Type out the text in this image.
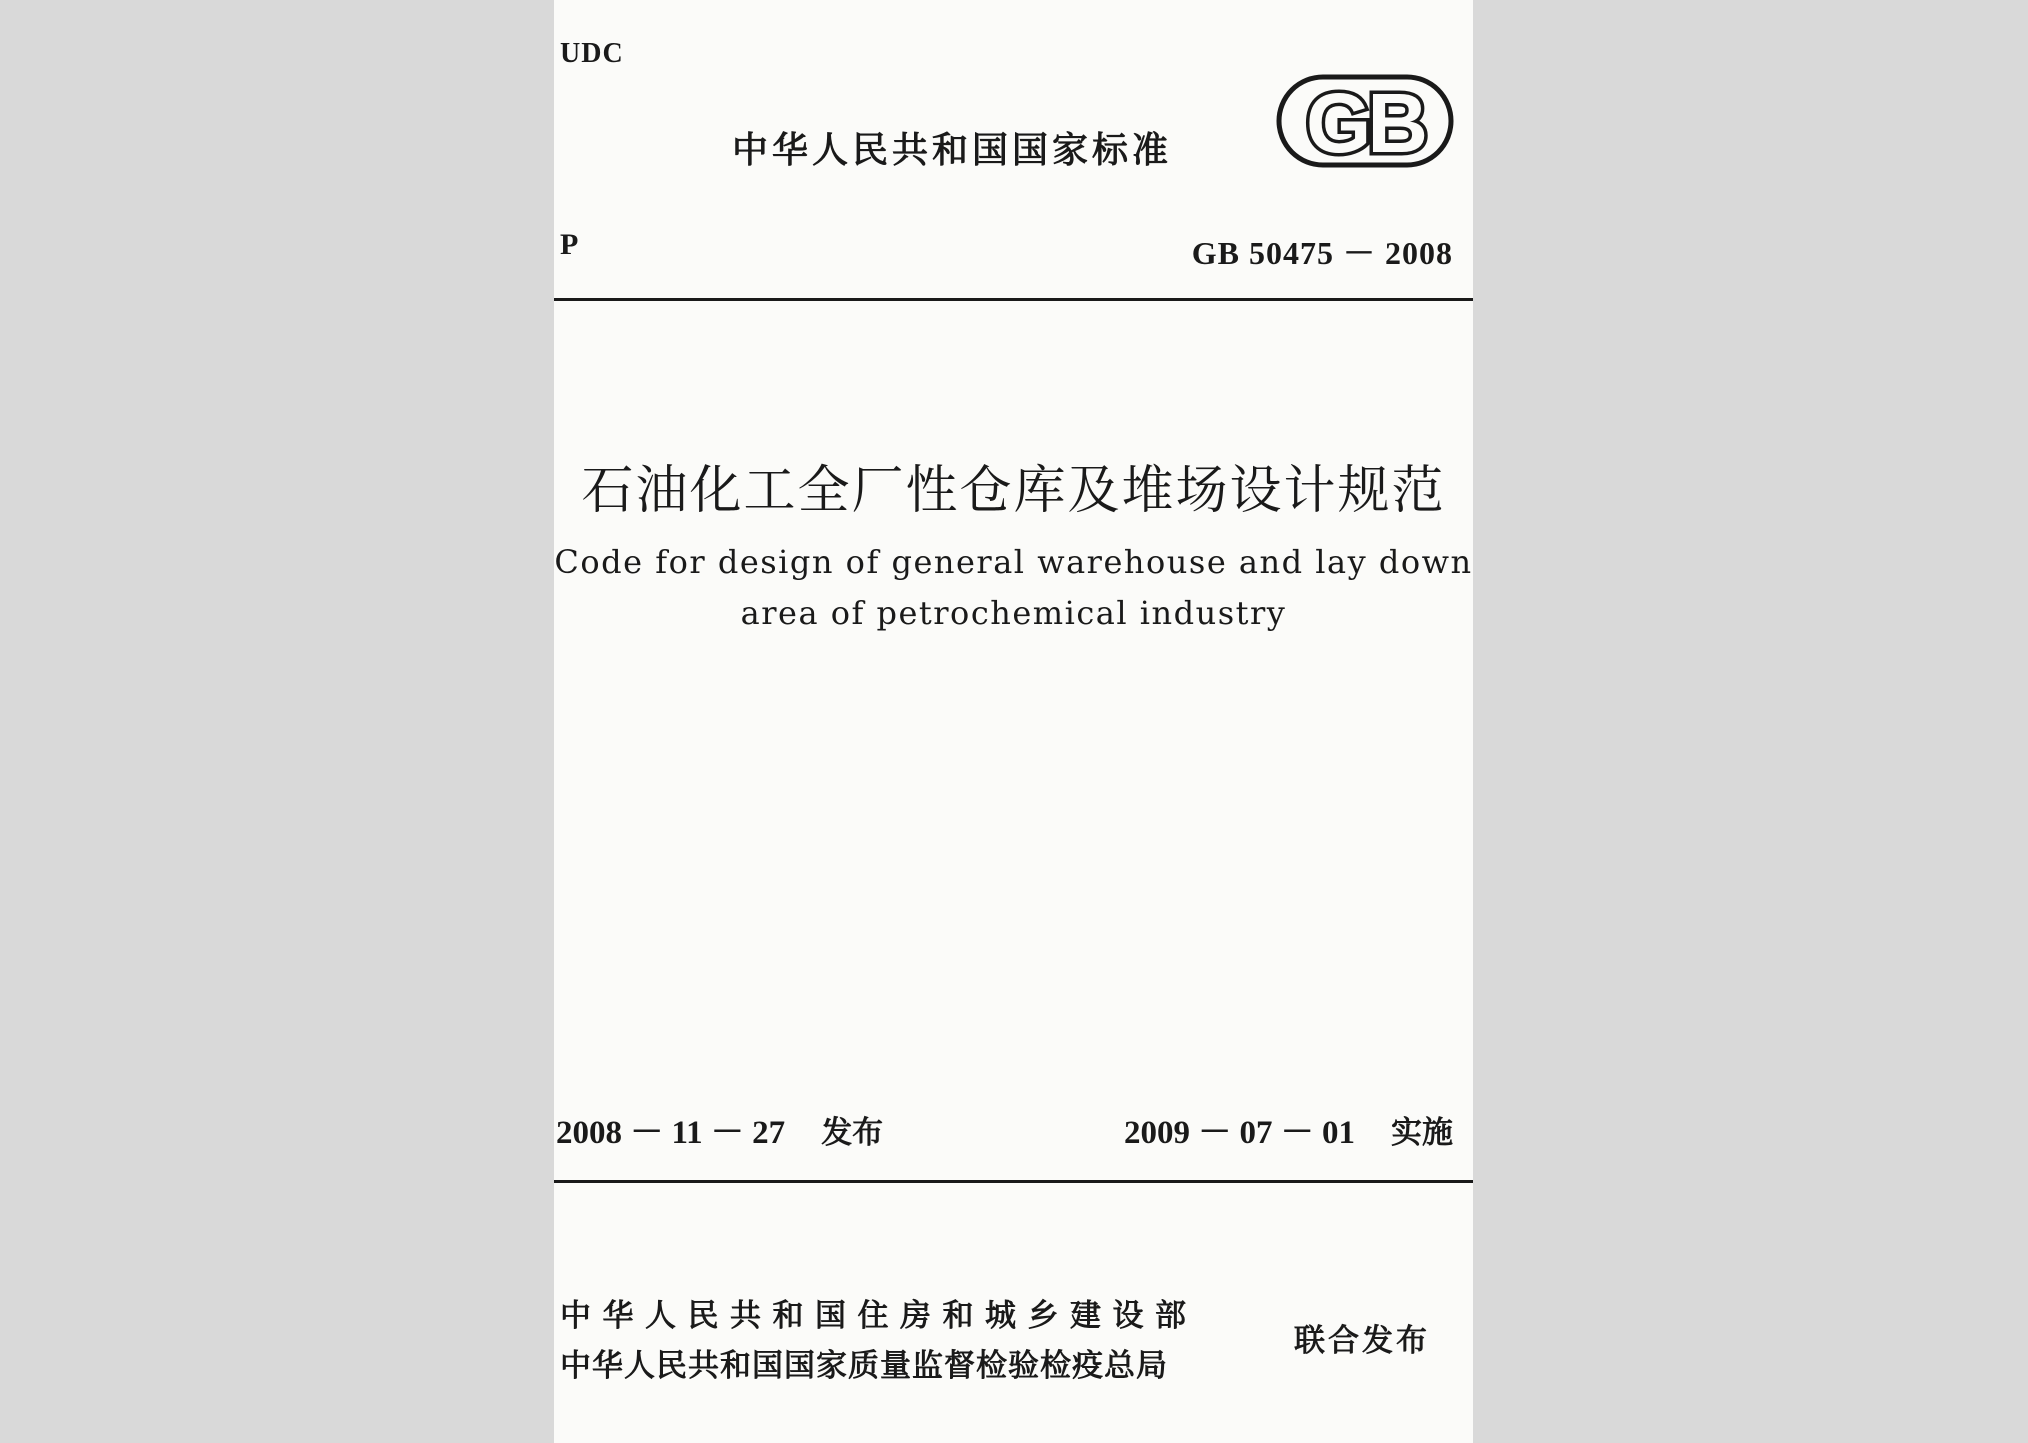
UDC
中华人民共和国国家标准 GB
P	GB 50475 － 2008
石油化工全厂性仓库及堆场设计规范
Code for design of general warehouse and lay down
area of petrochemical industry
2008 － 11 － 27 发布	2009 － 07 － 01 实施
中华人民共和国住房和城乡建设部
中华人民共和国国家质量监督检验检疫总局
联合发布
